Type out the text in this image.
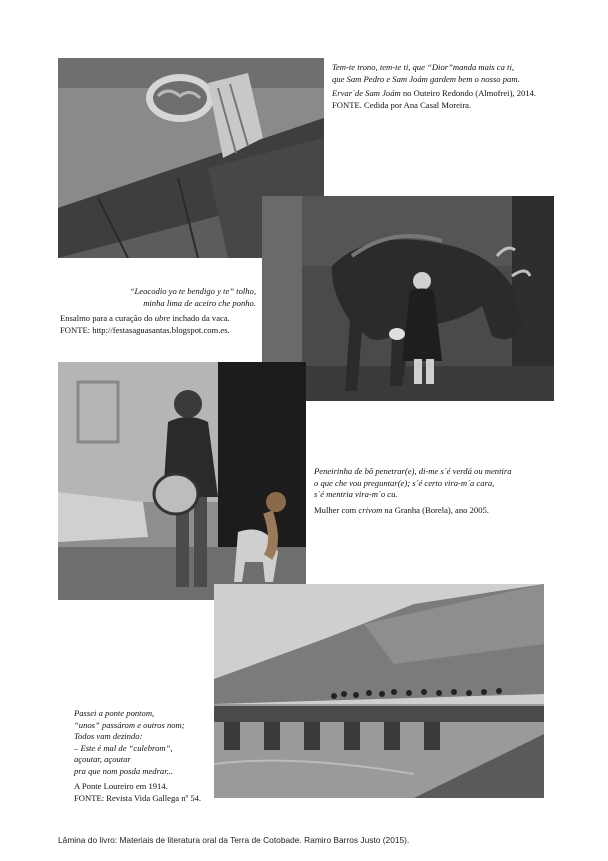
Tem-te trono, tem-te ti, que “Dior”manda mais ca ti,

que Sam Pedro e Sam Joám gardem bem o nosso pam.

Ervar´de Sam Joám no Outeiro Redondo (Almofrei), 2014.

FONTE. Cedida por Ana Casal Moreira.

“Leocodio yo te bendigo y te” tolho,

minha lima de aceiro che ponho.

Ensalmo para a curação do ubre inchado da vaca.

FONTE: http://festasaguasantas.blogspot.com.es.

Peneirinha de bô penetrar(e), di-me s´é verdá ou mentira

o que che vou preguntar(e); s´é certo vira-m´a cara,

s´é mentria vira-m´o cu.

Mulher com crivom na Granha (Borela), ano 2005.

Passei a ponte pontom,

“unos” passárom e outros nom;

Todos vam dezindo:

– Este é mal de “culebrom”,

açoutar, açoutar

pra que nom posda medrar...

A Ponte Loureiro em 1914.

FONTE: Revista Vida Gallega nº 54.

Lâmina do livro: Materiais de literatura oral da Terra de Cotobade. Ramiro Barros Justo (2015).
